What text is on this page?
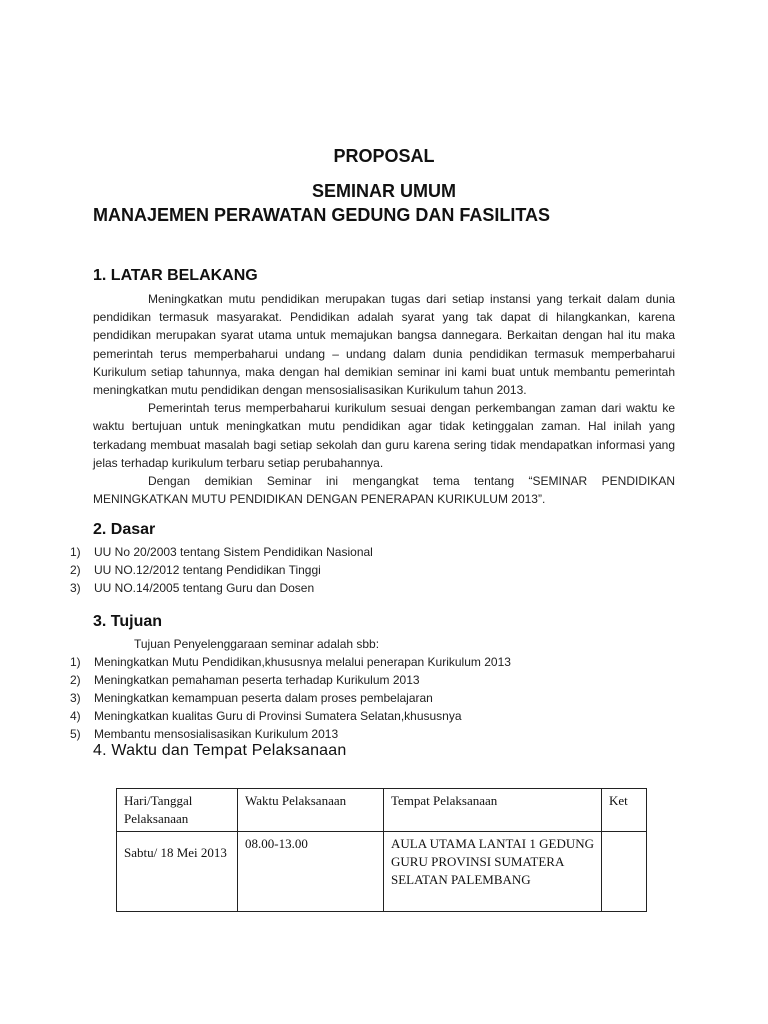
PROPOSAL
SEMINAR UMUM
MANAJEMEN PERAWATAN GEDUNG DAN FASILITAS
1. LATAR BELAKANG

Meningkatkan mutu pendidikan merupakan tugas dari setiap instansi yang terkait dalam dunia pendidikan termasuk masyarakat. Pendidikan adalah syarat yang tak dapat di hilangkankan, karena pendidikan merupakan syarat utama untuk memajukan bangsa dannegara. Berkaitan dengan hal itu maka pemerintah terus memperbaharui undang – undang dalam dunia pendidikan termasuk memperbaharui Kurikulum setiap tahunnya, maka dengan hal demikian seminar ini kami buat untuk membantu pemerintah meningkatkan mutu pendidikan dengan mensosialisasikan Kurikulum tahun 2013.

Pemerintah terus memperbaharui kurikulum sesuai dengan perkembangan zaman dari waktu ke waktu bertujuan untuk meningkatkan mutu pendidikan agar tidak ketinggalan zaman. Hal inilah yang terkadang membuat masalah bagi setiap sekolah dan guru karena sering tidak mendapatkan informasi yang jelas terhadap kurikulum terbaru setiap perubahannya.

Dengan demikian Seminar ini mengangkat tema tentang “SEMINAR PENDIDIKAN MENINGKATKAN MUTU PENDIDIKAN DENGAN PENERAPAN KURIKULUM 2013”.

2. Dasar
1) UU No 20/2003 tentang Sistem Pendidikan Nasional
2) UU NO.12/2012 tentang Pendidikan Tinggi
3) UU NO.14/2005 tentang Guru dan Dosen
3. Tujuan
Tujuan Penyelenggaraan seminar adalah sbb:
1) Meningkatkan Mutu Pendidikan,khususnya melalui penerapan Kurikulum 2013
2) Meningkatkan pemahaman peserta terhadap Kurikulum 2013
3) Meningkatkan kemampuan peserta dalam proses pembelajaran
4) Meningkatkan kualitas Guru di Provinsi Sumatera Selatan,khususnya
5) Membantu mensosialisasikan Kurikulum 2013
4. Waktu dan Tempat Pelaksanaan
Hari/Tanggal Pelaksanaan	Waktu Pelaksanaan	Tempat Pelaksanaan	Ket
Sabtu/ 18 Mei 2013	08.00-13.00	AULA UTAMA LANTAI 1 GEDUNG GURU PROVINSI SUMATERA SELATAN PALEMBANG	
